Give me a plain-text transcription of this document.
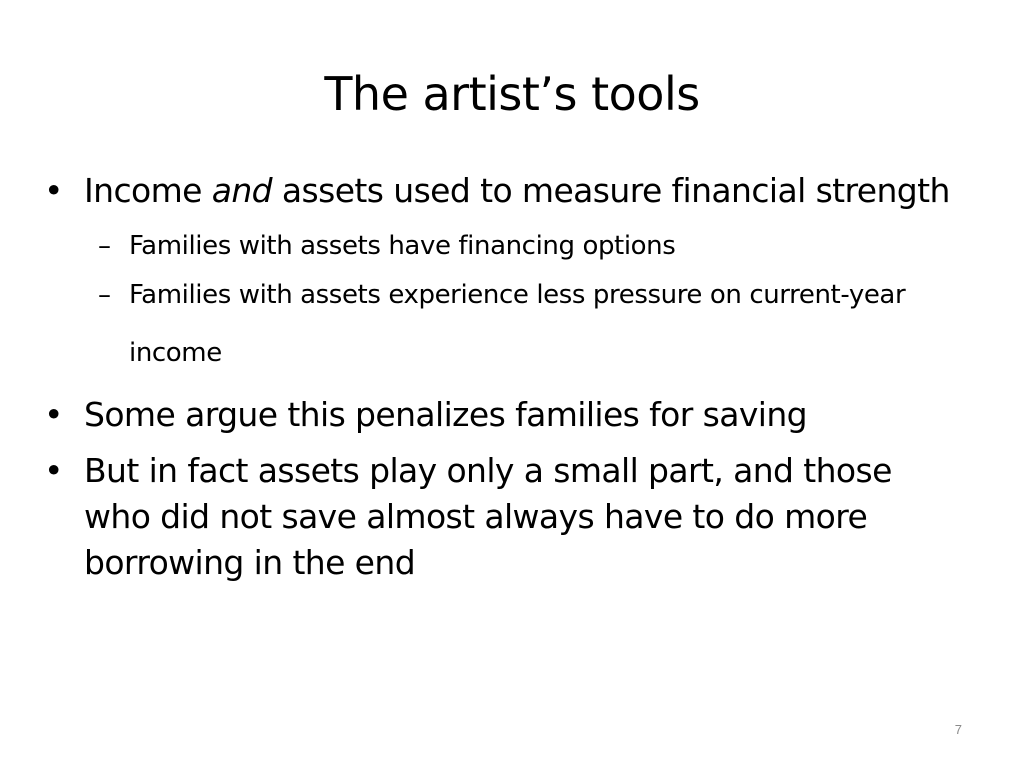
The artist’s tools
• Income and assets used to measure financial strength
– Families with assets have financing options
– Families with assets experience less pressure on current-year income
• Some argue this penalizes families for saving
• But in fact assets play only a small part, and those who did not save almost always have to do more borrowing in the end
7
